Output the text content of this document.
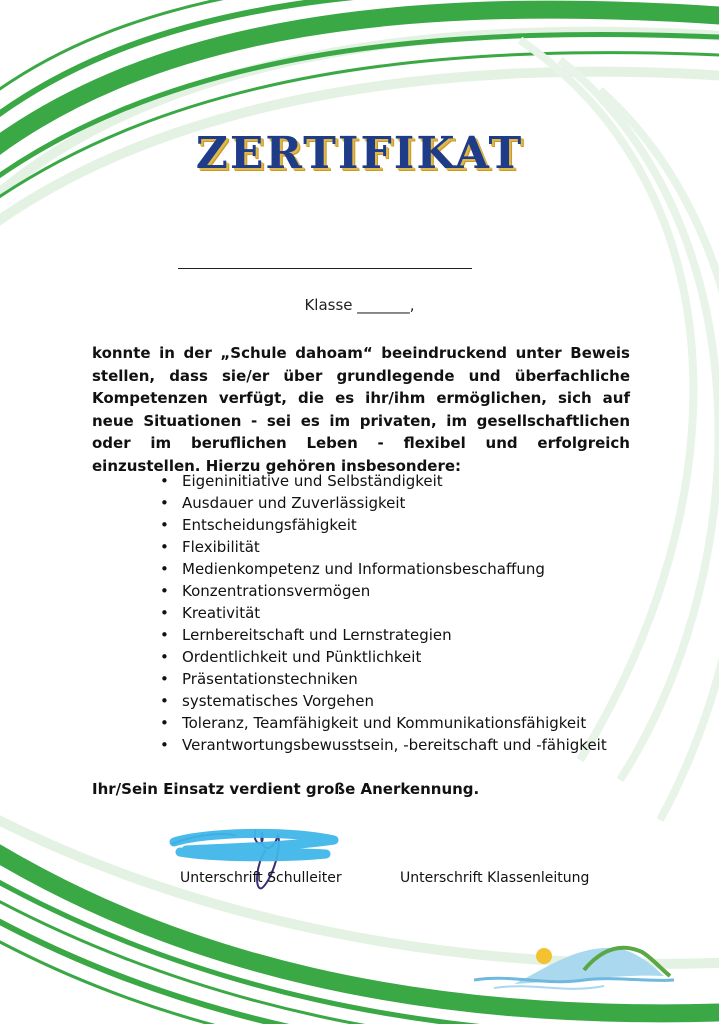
ZERTIFIKAT
Klasse _______,
konnte in der „Schule dahoam“ beeindruckend unter Beweis stellen, dass sie/er über grundlegende und überfachliche Kompetenzen verfügt, die es ihr/ihm ermöglichen, sich auf neue Situationen - sei es im privaten, im gesellschaftlichen oder im beruflichen Leben - flexibel und erfolgreich einzustellen. Hierzu gehören insbesondere:
• Eigeninitiative und Selbständigkeit
• Ausdauer und Zuverlässigkeit
• Entscheidungsfähigkeit
• Flexibilität
• Medienkompetenz und Informationsbeschaffung
• Konzentrationsvermögen
• Kreativität
• Lernbereitschaft und Lernstrategien
• Ordentlichkeit und Pünktlichkeit
• Präsentationstechniken
• systematisches Vorgehen
• Toleranz, Teamfähigkeit und Kommunikationsfähigkeit
• Verantwortungsbewusstsein, -bereitschaft und -fähigkeit
Ihr/Sein Einsatz verdient große Anerkennung.
Unterschrift Schulleiter	Unterschrift Klassenleitung
